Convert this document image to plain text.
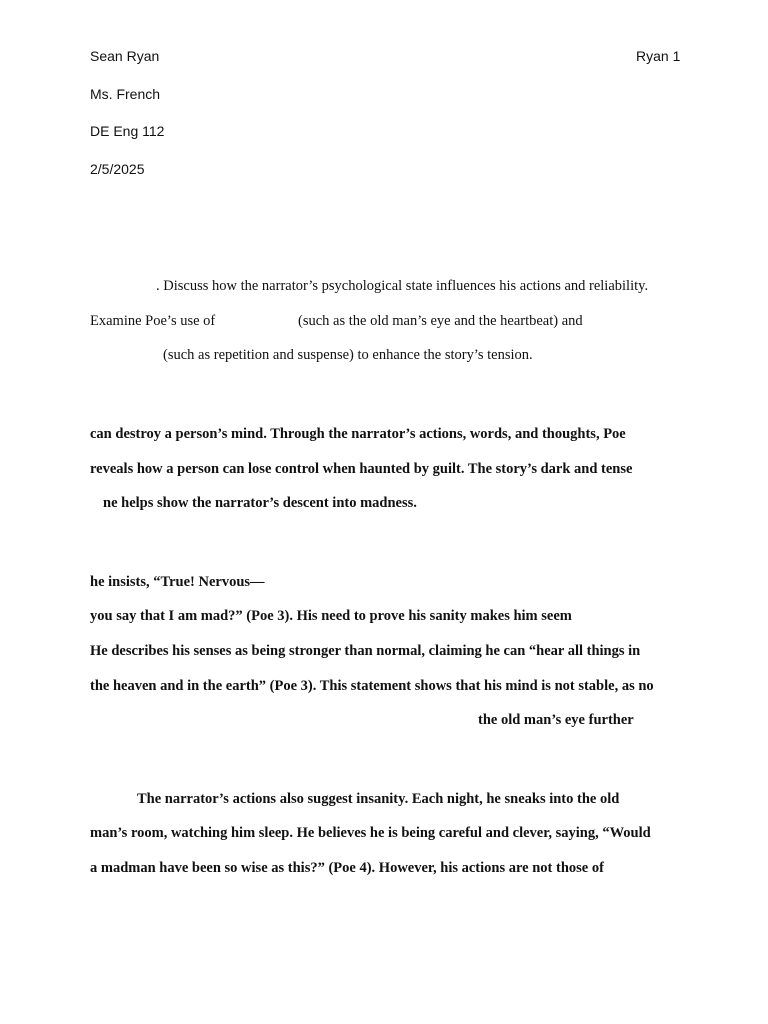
Sean Ryan	Ryan 1
Ms. French
DE Eng 112
2/5/2025
. Discuss how the narrator’s psychological state influences his actions and reliability.
Examine Poe’s use of	(such as the old man’s eye and the heartbeat) and
(such as repetition and suspense) to enhance the story’s tension.
can destroy a person’s mind. Through the narrator’s actions, words, and thoughts, Poe
reveals how a person can lose control when haunted by guilt. The story’s dark and tense
ne helps show the narrator’s descent into madness.
he insists, “True! Nervous—
you say that I am mad?” (Poe 3). His need to prove his sanity makes him seem
He describes his senses as being stronger than normal, claiming he can “hear all things in
the heaven and in the earth” (Poe 3). This statement shows that his mind is not stable, as no
the old man’s eye further
The narrator’s actions also suggest insanity. Each night, he sneaks into the old
man’s room, watching him sleep. He believes he is being careful and clever, saying, “Would
a madman have been so wise as this?” (Poe 4). However, his actions are not those of
